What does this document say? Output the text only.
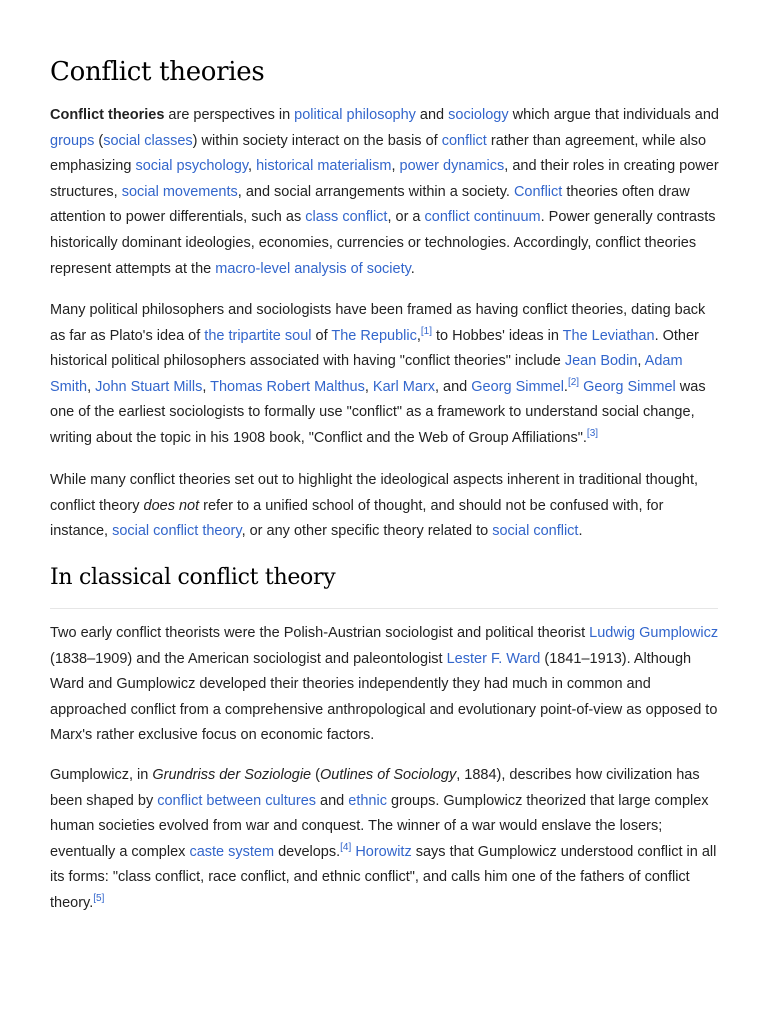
Conflict theories

Conflict theories are perspectives in political philosophy and sociology which argue that individuals and groups (social classes) within society interact on the basis of conflict rather than agreement, while also emphasizing social psychology, historical materialism, power dynamics, and their roles in creating power structures, social movements, and social arrangements within a society. Conflict theories often draw attention to power differentials, such as class conflict, or a conflict continuum. Power generally contrasts historically dominant ideologies, economies, currencies or technologies. Accordingly, conflict theories represent attempts at the macro-level analysis of society.

Many political philosophers and sociologists have been framed as having conflict theories, dating back as far as Plato's idea of the tripartite soul of The Republic,[1] to Hobbes' ideas in The Leviathan. Other historical political philosophers associated with having "conflict theories" include Jean Bodin, Adam Smith, John Stuart Mills, Thomas Robert Malthus, Karl Marx, and Georg Simmel.[2] Georg Simmel was one of the earliest sociologists to formally use "conflict" as a framework to understand social change, writing about the topic in his 1908 book, "Conflict and the Web of Group Affiliations".[3]

While many conflict theories set out to highlight the ideological aspects inherent in traditional thought, conflict theory does not refer to a unified school of thought, and should not be confused with, for instance, social conflict theory, or any other specific theory related to social conflict.

In classical conflict theory

Two early conflict theorists were the Polish-Austrian sociologist and political theorist Ludwig Gumplowicz (1838–1909) and the American sociologist and paleontologist Lester F. Ward (1841–1913). Although Ward and Gumplowicz developed their theories independently they had much in common and approached conflict from a comprehensive anthropological and evolutionary point-of-view as opposed to Marx's rather exclusive focus on economic factors.

Gumplowicz, in Grundriss der Soziologie (Outlines of Sociology, 1884), describes how civilization has been shaped by conflict between cultures and ethnic groups. Gumplowicz theorized that large complex human societies evolved from war and conquest. The winner of a war would enslave the losers; eventually a complex caste system develops.[4] Horowitz says that Gumplowicz understood conflict in all its forms: "class conflict, race conflict, and ethnic conflict", and calls him one of the fathers of conflict theory.[5]
